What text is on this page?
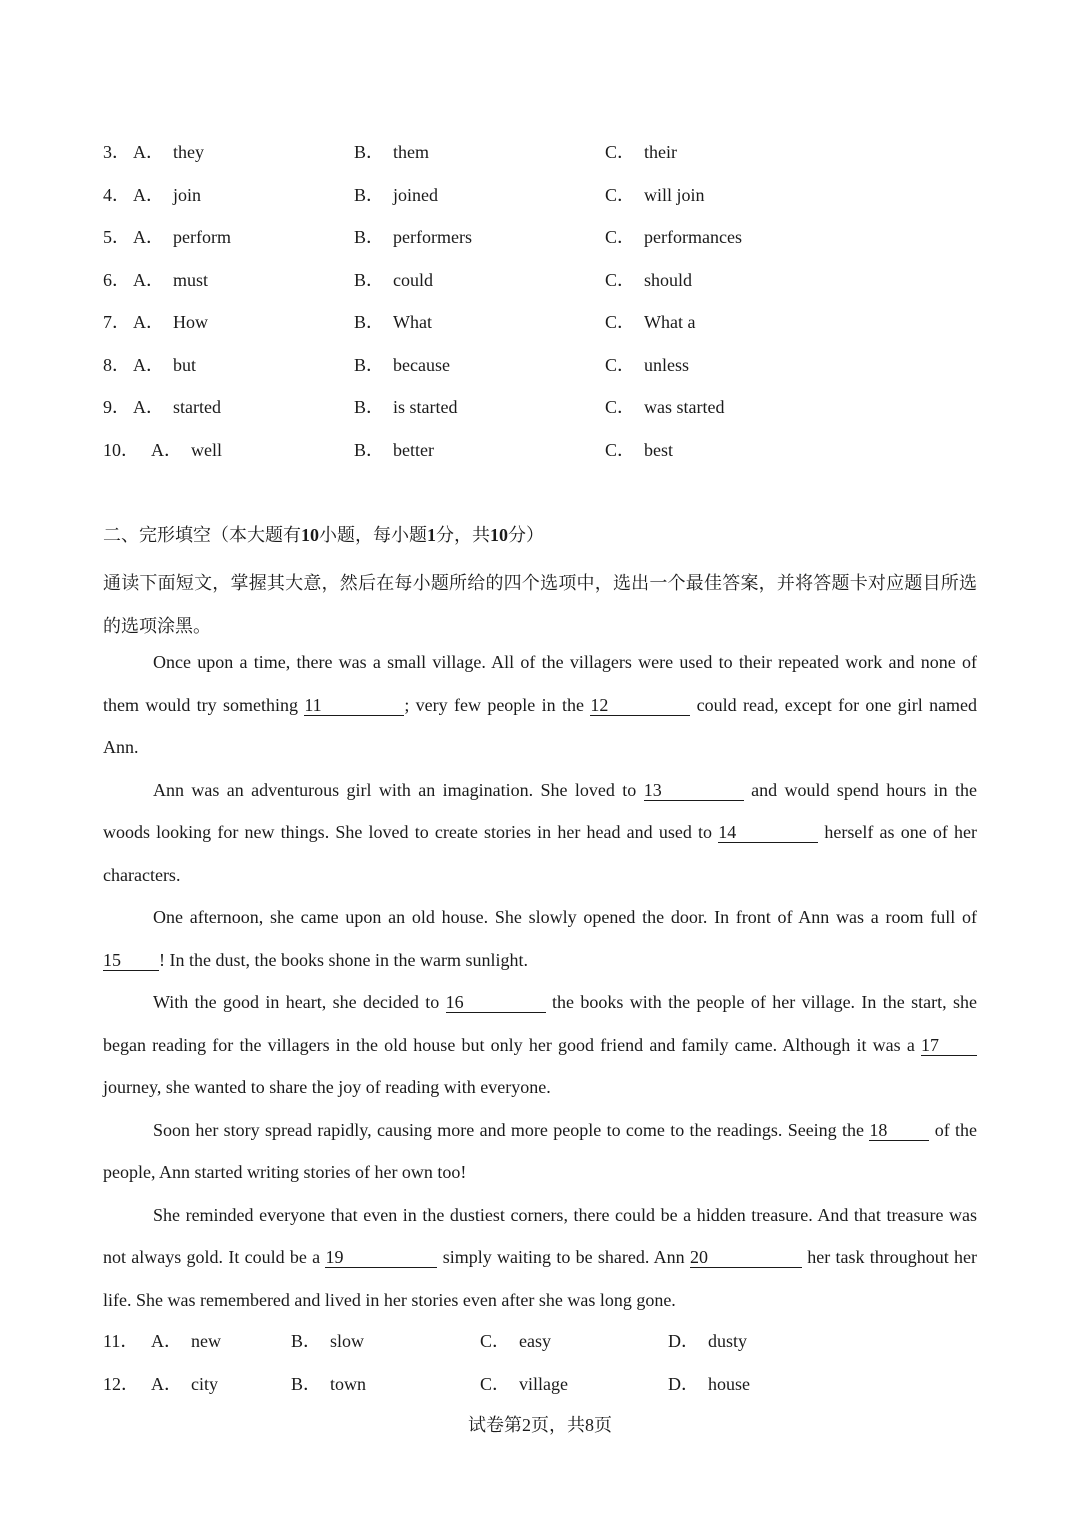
3． A． they	B． them	C． their
4． A． join	B． joined	C． will join
5． A． perform	B． performers	C． performances
6． A． must	B． could	C． should
7． A． How	B． What	C． What a
8． A． but	B． because	C． unless
9． A． started	B． is started	C． was started
10． A． well	B． better	C． best
二、完形填空（本大题有10小题，每小题1分，共10分）
通读下面短文，掌握其大意，然后在每小题所给的四个选项中，选出一个最佳答案，并将答题卡对应题目所选的选项涂黑。

Once upon a time, there was a small village. All of the villagers were used to their repeated work and none of them would try something 11	; very few people in the 12	could read, except for one girl named Ann.

Ann was an adventurous girl with an imagination. She loved to 13	and would spend hours in the woods looking for new things. She loved to create stories in her head and used to 14	herself as one of her characters.

One afternoon, she came upon an old house. She slowly opened the door. In front of Ann was a room full of 15 ! In the dust, the books shone in the warm sunlight.

With the good in heart, she decided to 16	the books with the people of her village. In the start, she began reading for the villagers in the old house but only her good friend and family came. Although it was a 17 journey, she wanted to share the joy of reading with everyone.

Soon her story spread rapidly, causing more and more people to come to the readings. Seeing the 18	of the people, Ann started writing stories of her own too!

She reminded everyone that even in the dustiest corners, there could be a hidden treasure. And that treasure was not always gold. It could be a 19	simply waiting to be shared. Ann 20	her task throughout her life. She was remembered and lived in her stories even after she was long gone.

11． A． new	B． slow	C． easy	D． dusty
12． A． city	B． town	C． village	D． house
试卷第2页，共8页
